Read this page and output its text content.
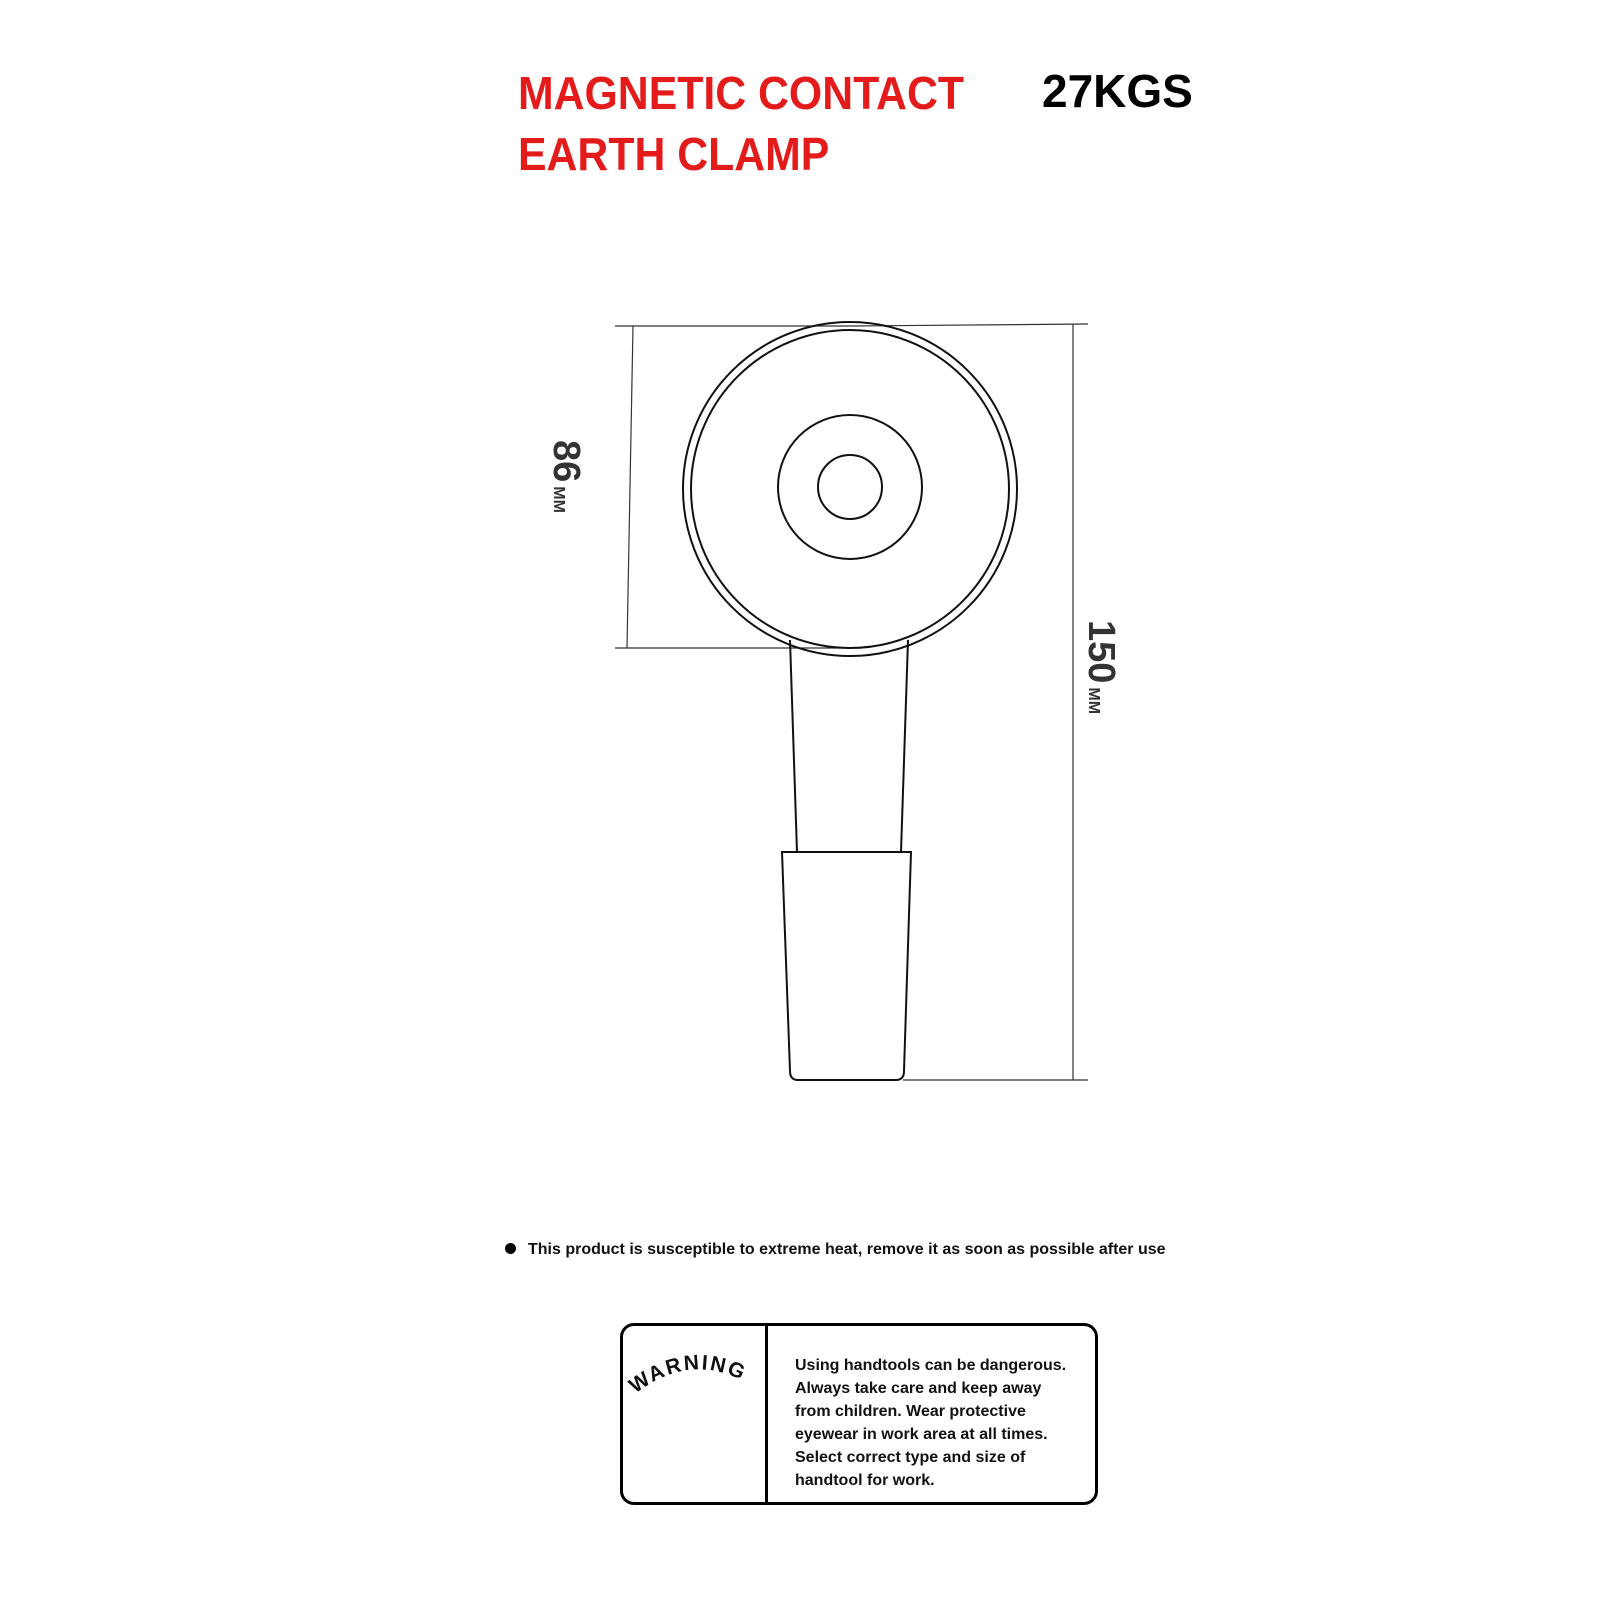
MAGNETIC CONTACT
EARTH CLAMP
27KGS
86MM
150MM
This product is susceptible to extreme heat, remove it as soon as possible after use
WARNING	Using handtools can be dangerous.
Always take care and keep away
from children. Wear protective
eyewear in work area at all times.
Select correct type and size of
handtool for work.
